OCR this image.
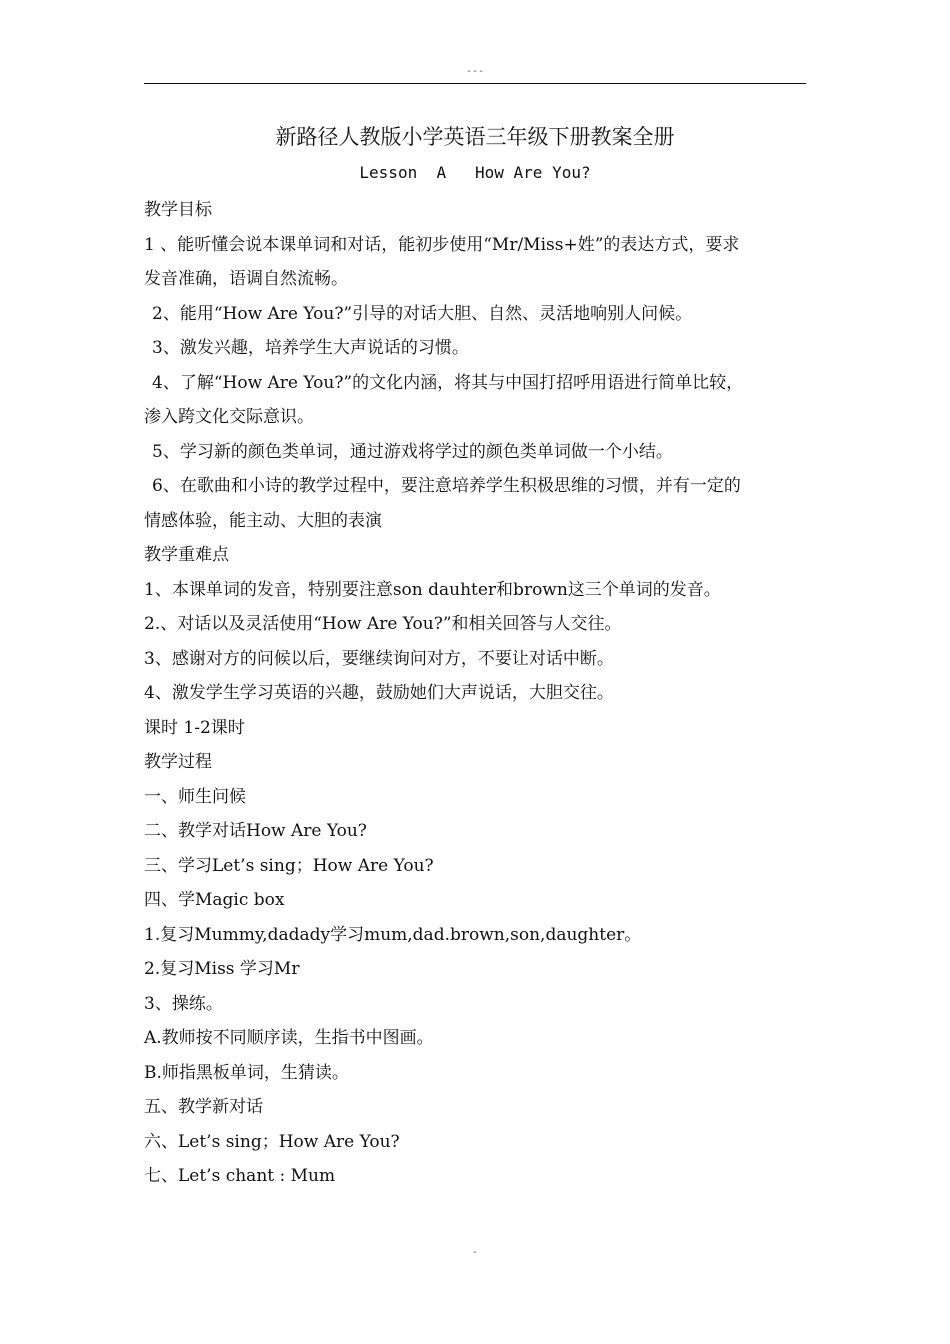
---
新路径人教版小学英语三年级下册教案全册
Lesson  A   How Are You?
教学目标
1 、能听懂会说本课单词和对话，能初步使用“Mr/Miss+姓”的表达方式，要求
发音准确，语调自然流畅。
2、能用“How Are You?”引导的对话大胆、自然、灵活地响别人问候。
3、激发兴趣，培养学生大声说话的习惯。
4、了解“How Are You?”的文化内涵，将其与中国打招呼用语进行简单比较，
渗入跨文化交际意识。
5、学习新的颜色类单词，通过游戏将学过的颜色类单词做一个小结。
6、在歌曲和小诗的教学过程中，要注意培养学生积极思维的习惯，并有一定的
情感体验，能主动、大胆的表演
教学重难点
1、本课单词的发音，特别要注意son dauhter和brown这三个单词的发音。
2.、对话以及灵活使用“How Are You?”和相关回答与人交往。
3、感谢对方的问候以后，要继续询问对方，不要让对话中断。
4、激发学生学习英语的兴趣，鼓励她们大声说话，大胆交往。
课时 1-2课时
教学过程
一、师生问候
二、教学对话How Are You?
三、学习Let’s sing；How Are You?
四、学Magic box
1.复习Mummy,dadady学习mum,dad.brown,son,daughter。
2.复习Miss 学习Mr
3、操练。
A.教师按不同顺序读，生指书中图画。
B.师指黑板单词，生猜读。
五、教学新对话
六、Let’s sing；How Are You?
七、Let’s chant : Mum
-
